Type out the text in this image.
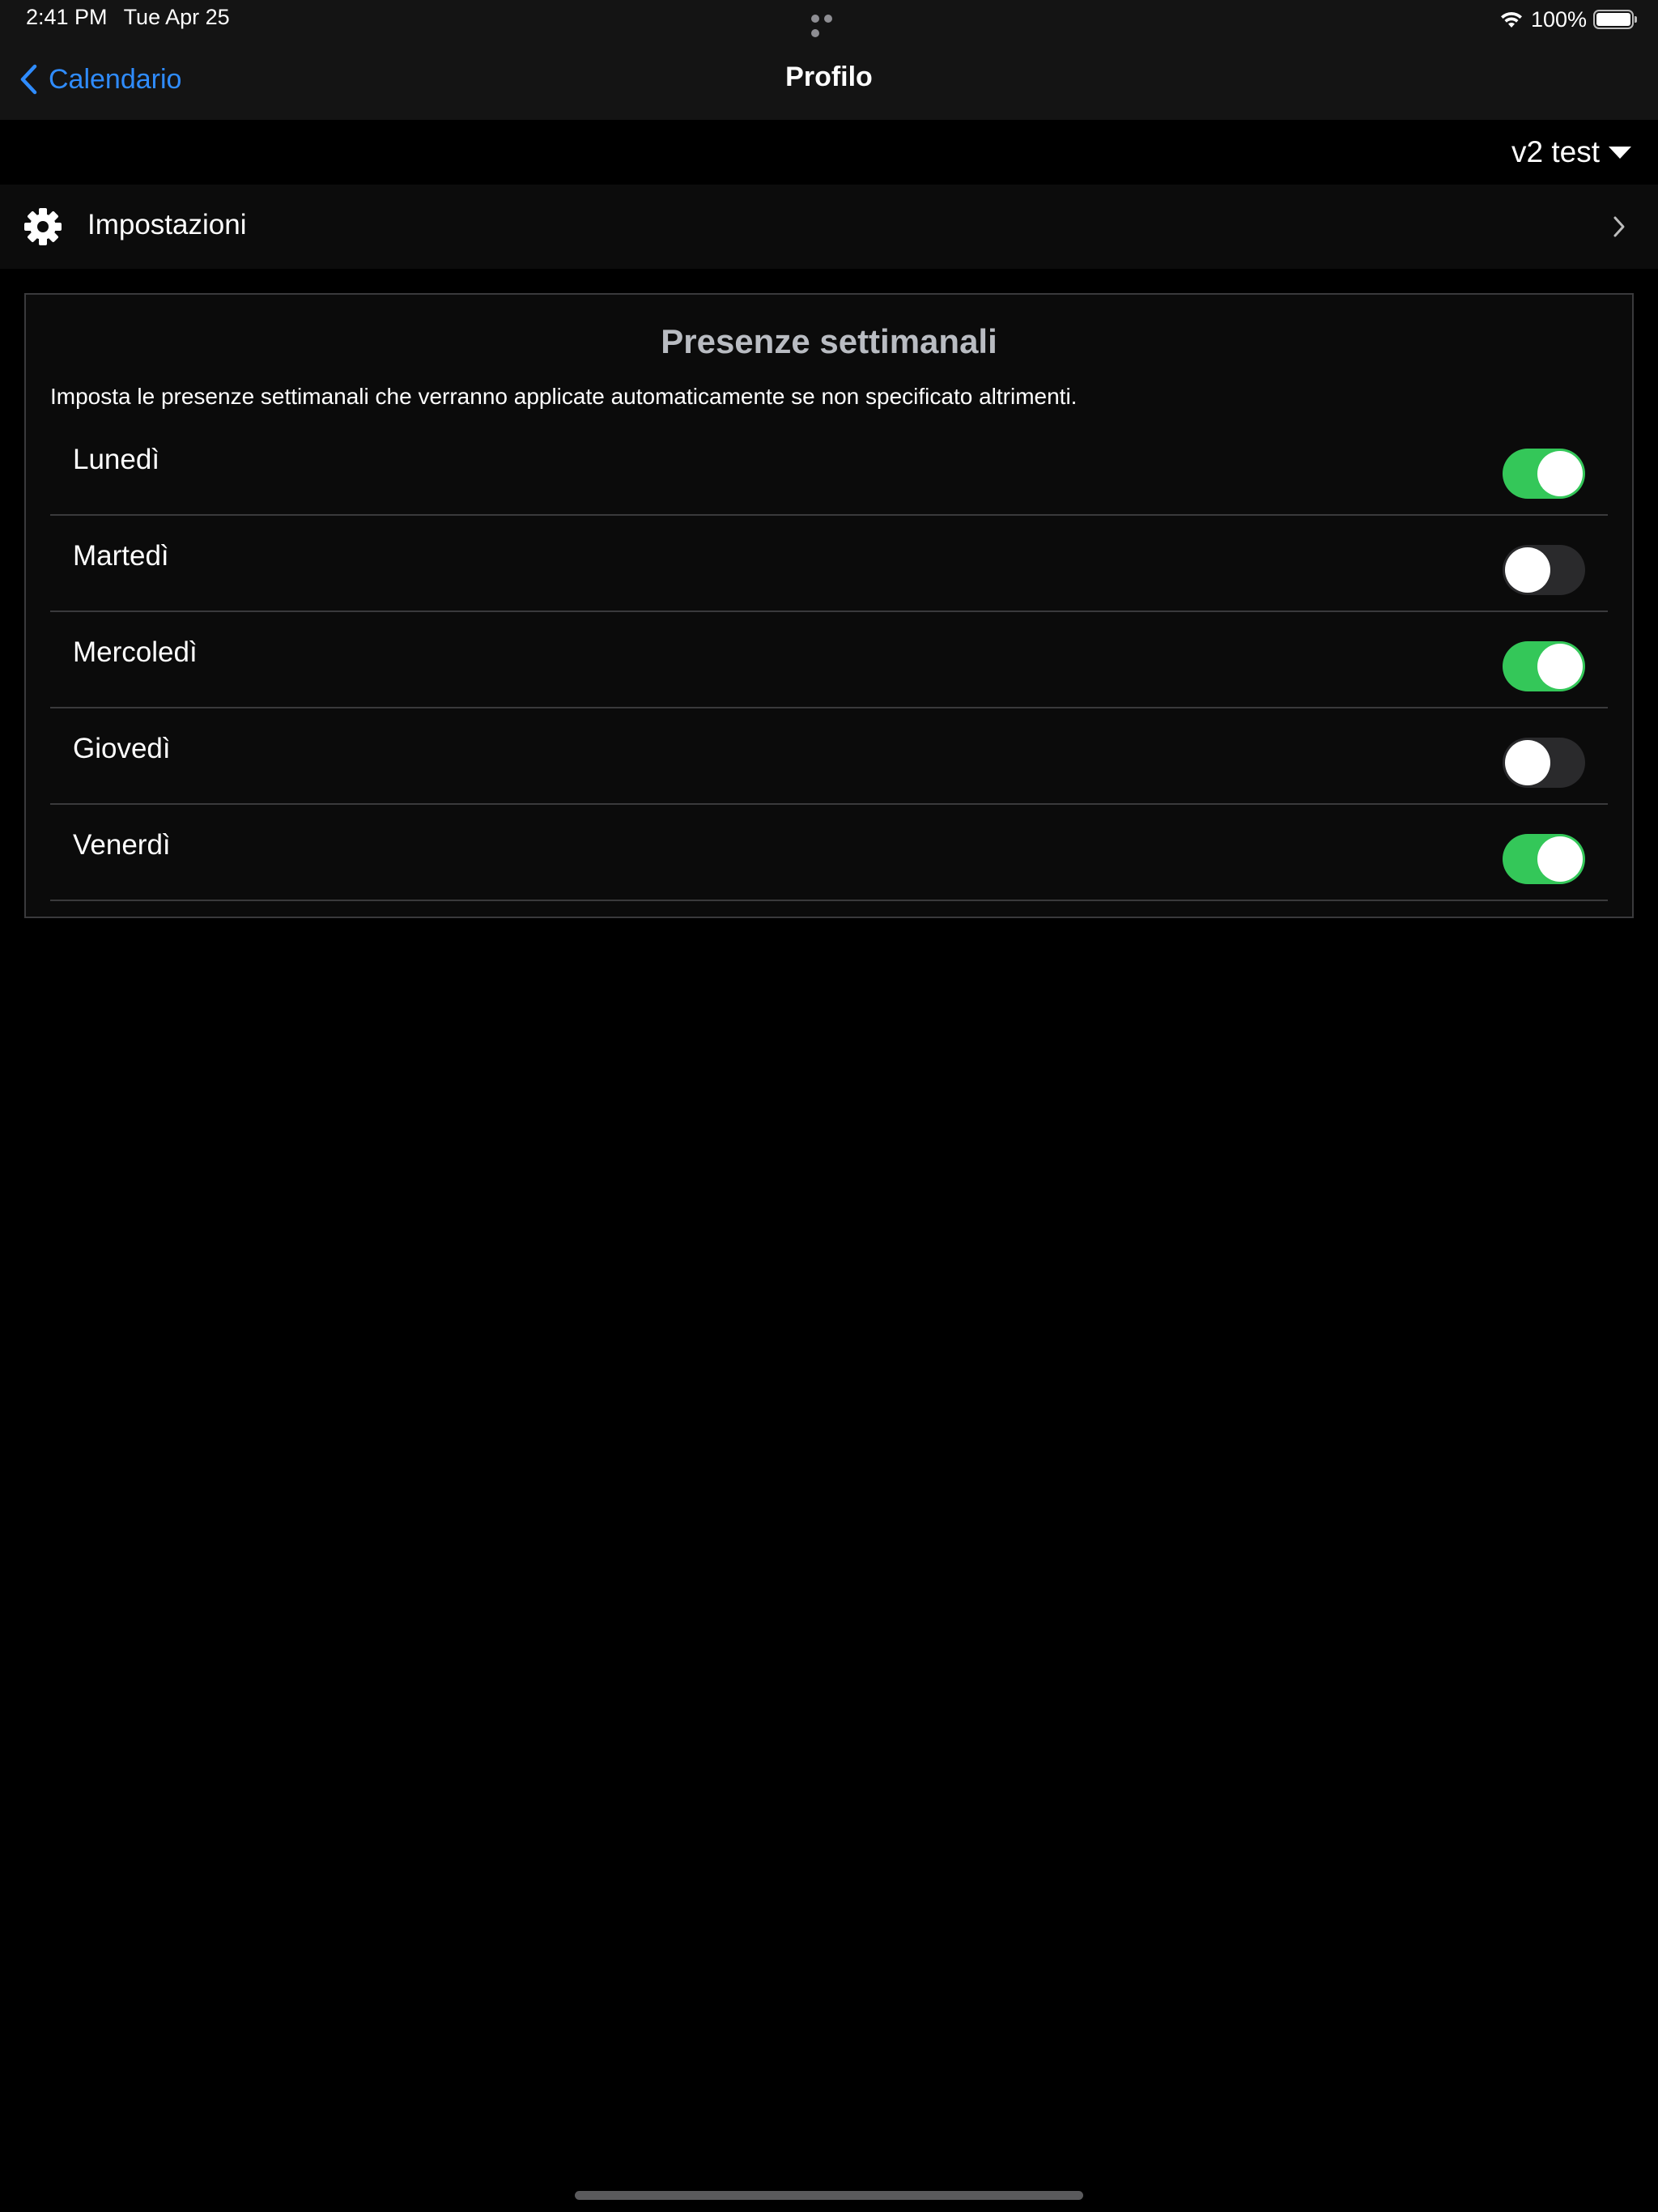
2:41 PM Tue Apr 25	100%
Calendario	Profilo
v2 test
Impostazioni
Presenze settimanali
Imposta le presenze settimanali che verranno applicate automaticamente se non specificato altrimenti.
Lunedì
Martedì
Mercoledì
Giovedì
Venerdì
